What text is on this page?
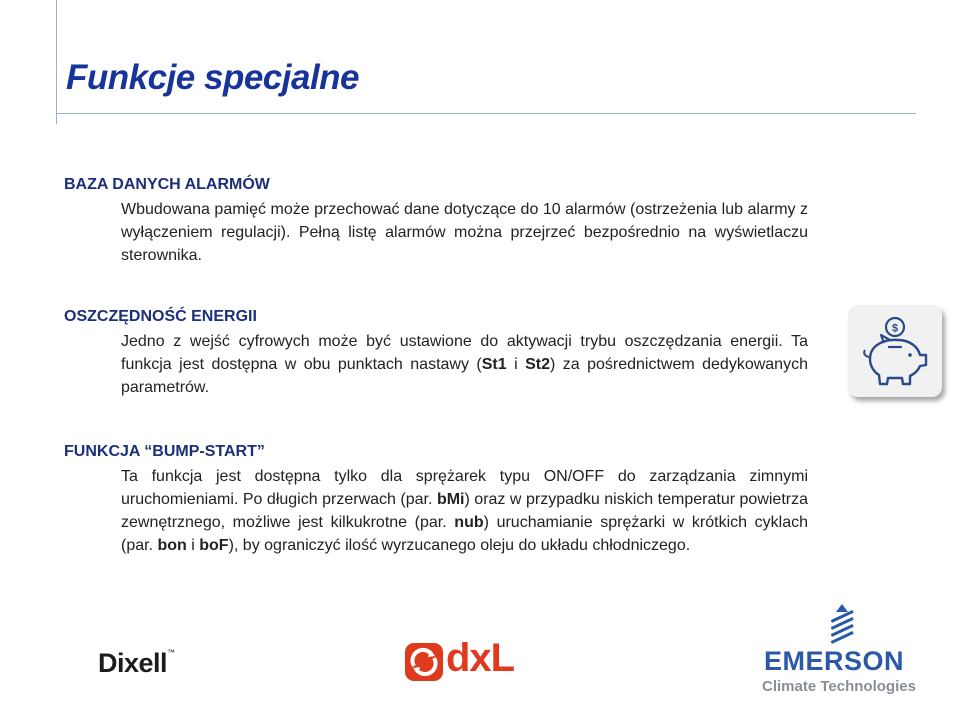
Funkcje specjalne

BAZA DANYCH ALARMÓW

Wbudowana pamięć może przechować dane dotyczące do 10 alarmów (ostrzeżenia lub alarmy z wyłączeniem regulacji). Pełną listę alarmów można przejrzeć bezpośrednio na wyświetlaczu sterownika.

OSZCZĘDNOŚĆ ENERGII

Jedno z wejść cyfrowych może być ustawione do aktywacji trybu oszczędzania energii. Ta funkcja jest dostępna w obu punktach nastawy (St1 i St2) za pośrednictwem dedykowanych parametrów.

FUNKCJA “BUMP-START”

Ta funkcja jest dostępna tylko dla sprężarek typu ON/OFF do zarządzania zimnymi uruchomieniami. Po długich przerwach (par. bMi) oraz w przypadku niskich temperatur powietrza zewnętrznego, możliwe jest kilkukrotne (par. nub) uruchamianie sprężarki w krótkich cyklach (par. bon i boF), by ograniczyć ilość wyrzucanego oleju do układu chłodniczego.

$
Dixell™	dxL	EMERSON
Climate Technologies
